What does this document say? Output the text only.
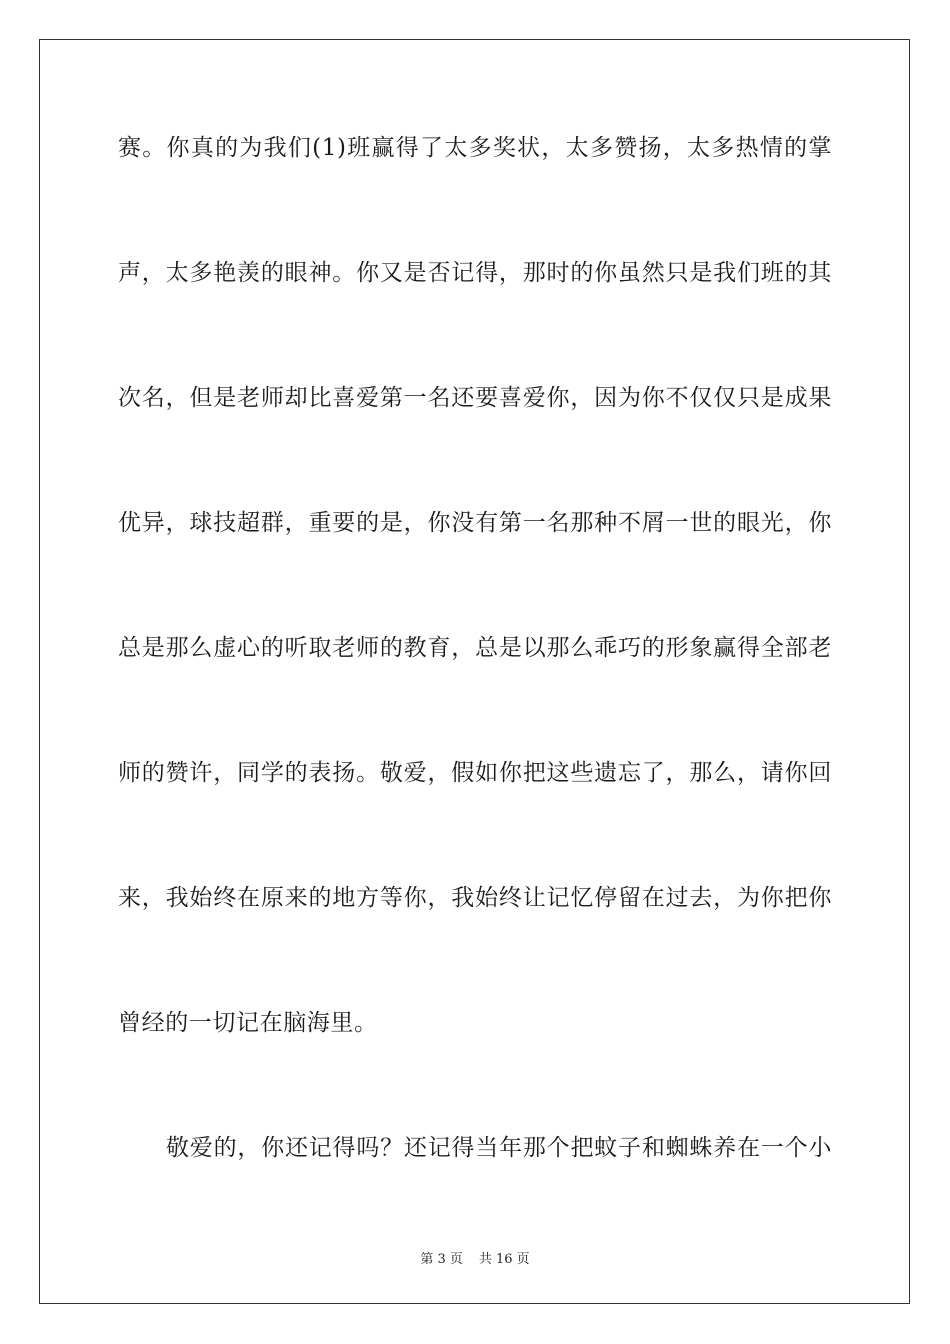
赛。你真的为我们(1)班赢得了太多奖状，太多赞扬，太多热情的掌
声，太多艳羡的眼神。你又是否记得，那时的你虽然只是我们班的其
次名，但是老师却比喜爱第一名还要喜爱你，因为你不仅仅只是成果
优异，球技超群，重要的是，你没有第一名那种不屑一世的眼光，你
总是那么虚心的听取老师的教育，总是以那么乖巧的形象赢得全部老
师的赞许，同学的表扬。敬爱，假如你把这些遗忘了，那么，请你回
来，我始终在原来的地方等你，我始终让记忆停留在过去，为你把你
曾经的一切记在脑海里。
敬爱的，你还记得吗？还记得当年那个把蚊子和蜘蛛养在一个小
第 3 页 共 16 页
